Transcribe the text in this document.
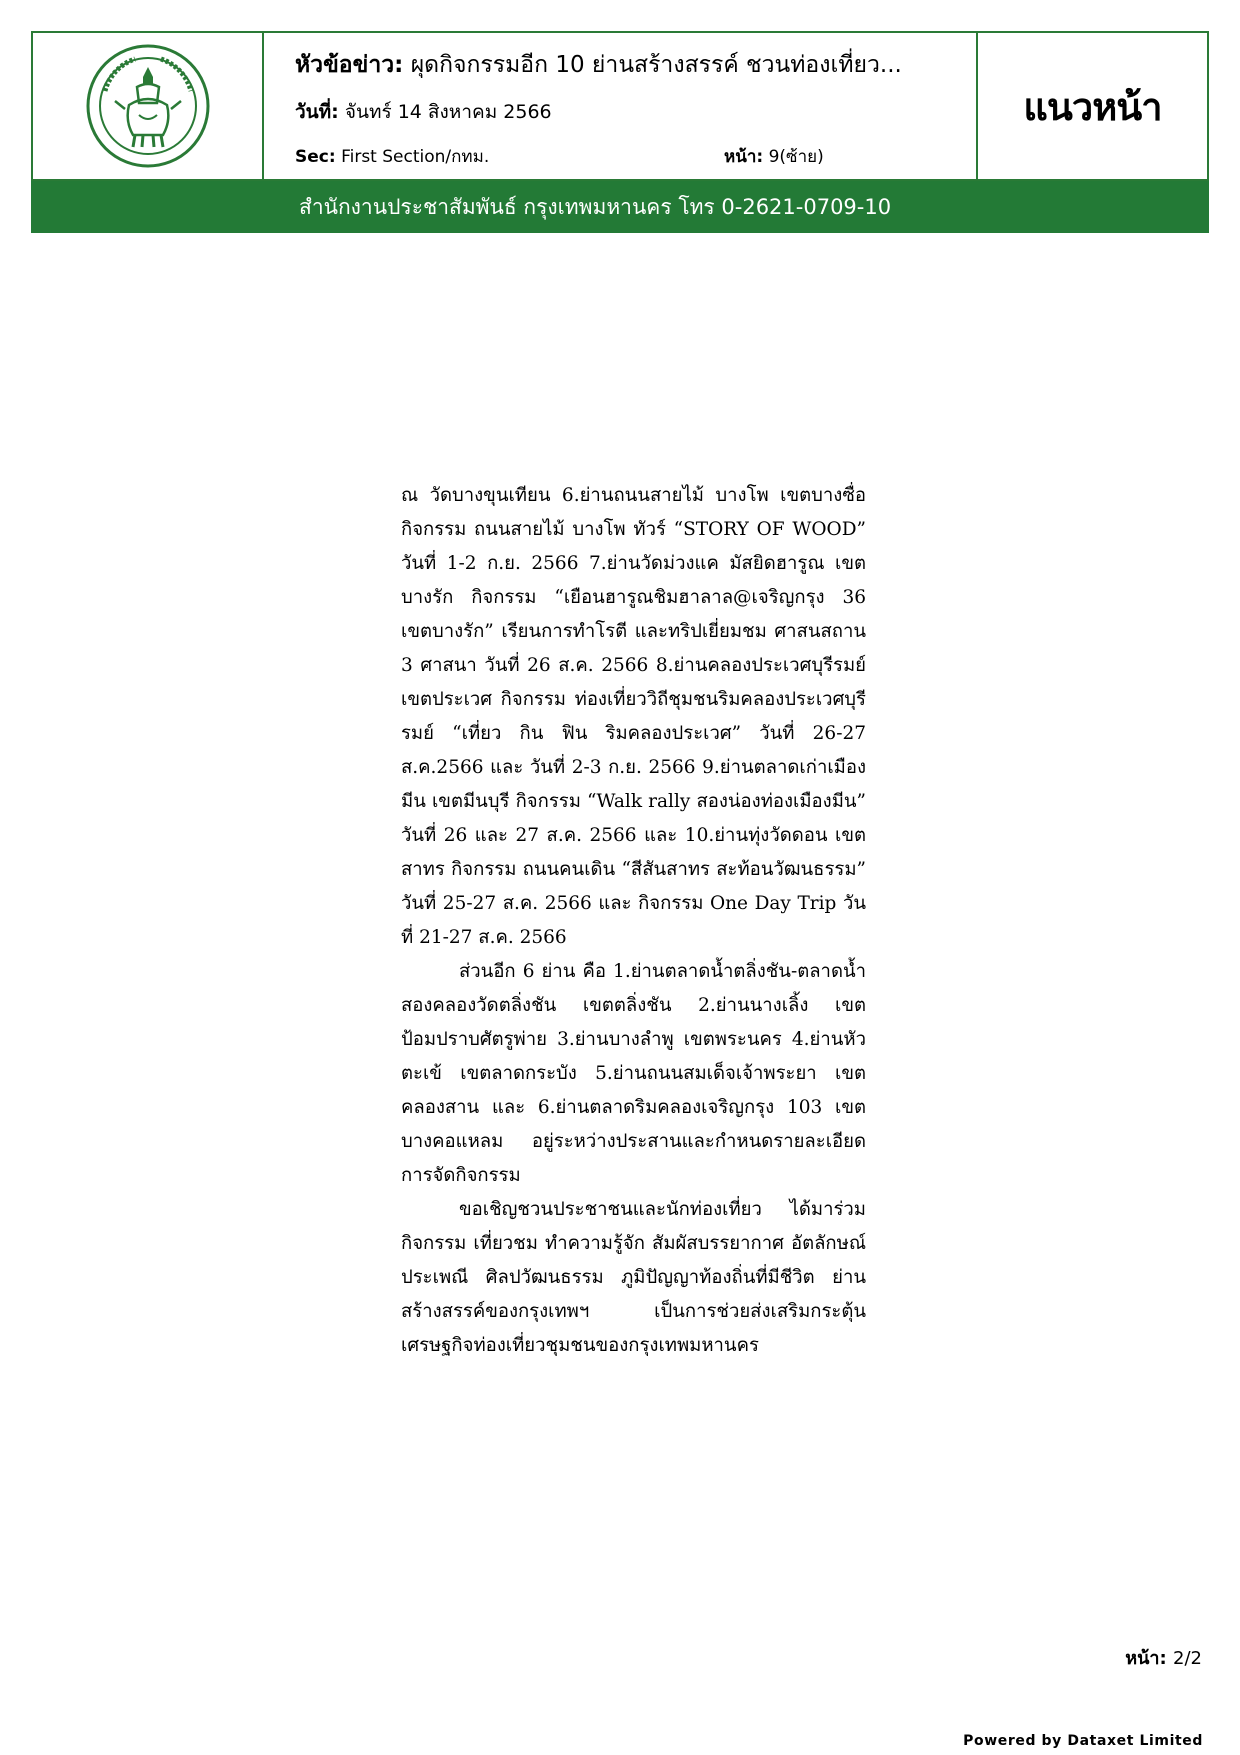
หัวข้อข่าว: ผุดกิจกรรมอีก 10 ย่านสร้างสรรค์ ชวนท่องเที่ยว...
วันที่: จันทร์ 14 สิงหาคม 2566
Sec: First Section/กทม.	หน้า: 9(ซ้าย)
แนวหน้า
สำนักงานประชาสัมพันธ์ กรุงเทพมหานคร โทร 0-2621-0709-10

ณ วัดบางขุนเทียน 6.ย่านถนนสายไม้ บางโพ เขตบางซื่อ กิจกรรม ถนนสายไม้ บางโพ ทัวร์ “STORY OF WOOD” วันที่ 1-2 ก.ย. 2566 7.ย่านวัดม่วงแค มัสยิดฮารูณ เขตบางรัก กิจกรรม “เยือนฮารูณชิมฮาลาล@เจริญกรุง 36 เขตบางรัก” เรียนการทำโรตี และทริปเยี่ยมชม ศาสนสถาน 3 ศาสนา วันที่ 26 ส.ค. 2566 8.ย่านคลองประเวศบุรีรมย์ เขตประเวศ กิจกรรม ท่องเที่ยววิถีชุมชนริมคลองประเวศบุรีรมย์ “เที่ยว กิน ฟิน ริมคลองประเวศ” วันที่ 26-27 ส.ค.2566 และ วันที่ 2-3 ก.ย. 2566 9.ย่านตลาดเก่าเมืองมีน เขตมีนบุรี กิจกรรม “Walk rally สองน่องท่องเมืองมีน” วันที่ 26 และ 27 ส.ค. 2566 และ 10.ย่านทุ่งวัดดอน เขตสาทร กิจกรรม ถนนคนเดิน “สีสันสาทร สะท้อนวัฒนธรรม” วันที่ 25-27 ส.ค. 2566 และ กิจกรรม One Day Trip วันที่ 21-27 ส.ค. 2566

ส่วนอีก 6 ย่าน คือ 1.ย่านตลาดน้ำตลิ่งชัน-ตลาดน้ำสองคลองวัดตลิ่งชัน เขตตลิ่งชัน 2.ย่านนางเลิ้ง เขตป้อมปราบศัตรูพ่าย 3.ย่านบางลำพู เขตพระนคร 4.ย่านหัวตะเข้ เขตลาดกระบัง 5.ย่านถนนสมเด็จเจ้าพระยา เขตคลองสาน และ 6.ย่านตลาดริมคลองเจริญกรุง 103 เขตบางคอแหลม อยู่ระหว่างประสานและกำหนดรายละเอียดการจัดกิจกรรม

ขอเชิญชวนประชาชนและนักท่องเที่ยว ได้มาร่วมกิจกรรม เที่ยวชม ทำความรู้จัก สัมผัสบรรยากาศ อัตลักษณ์ ประเพณี ศิลปวัฒนธรรม ภูมิปัญญาท้องถิ่นที่มีชีวิต ย่านสร้างสรรค์ของกรุงเทพฯ เป็นการช่วยส่งเสริมกระตุ้นเศรษฐกิจท่องเที่ยวชุมชนของกรุงเทพมหานคร

หน้า: 2/2
Powered by Dataxet Limited
